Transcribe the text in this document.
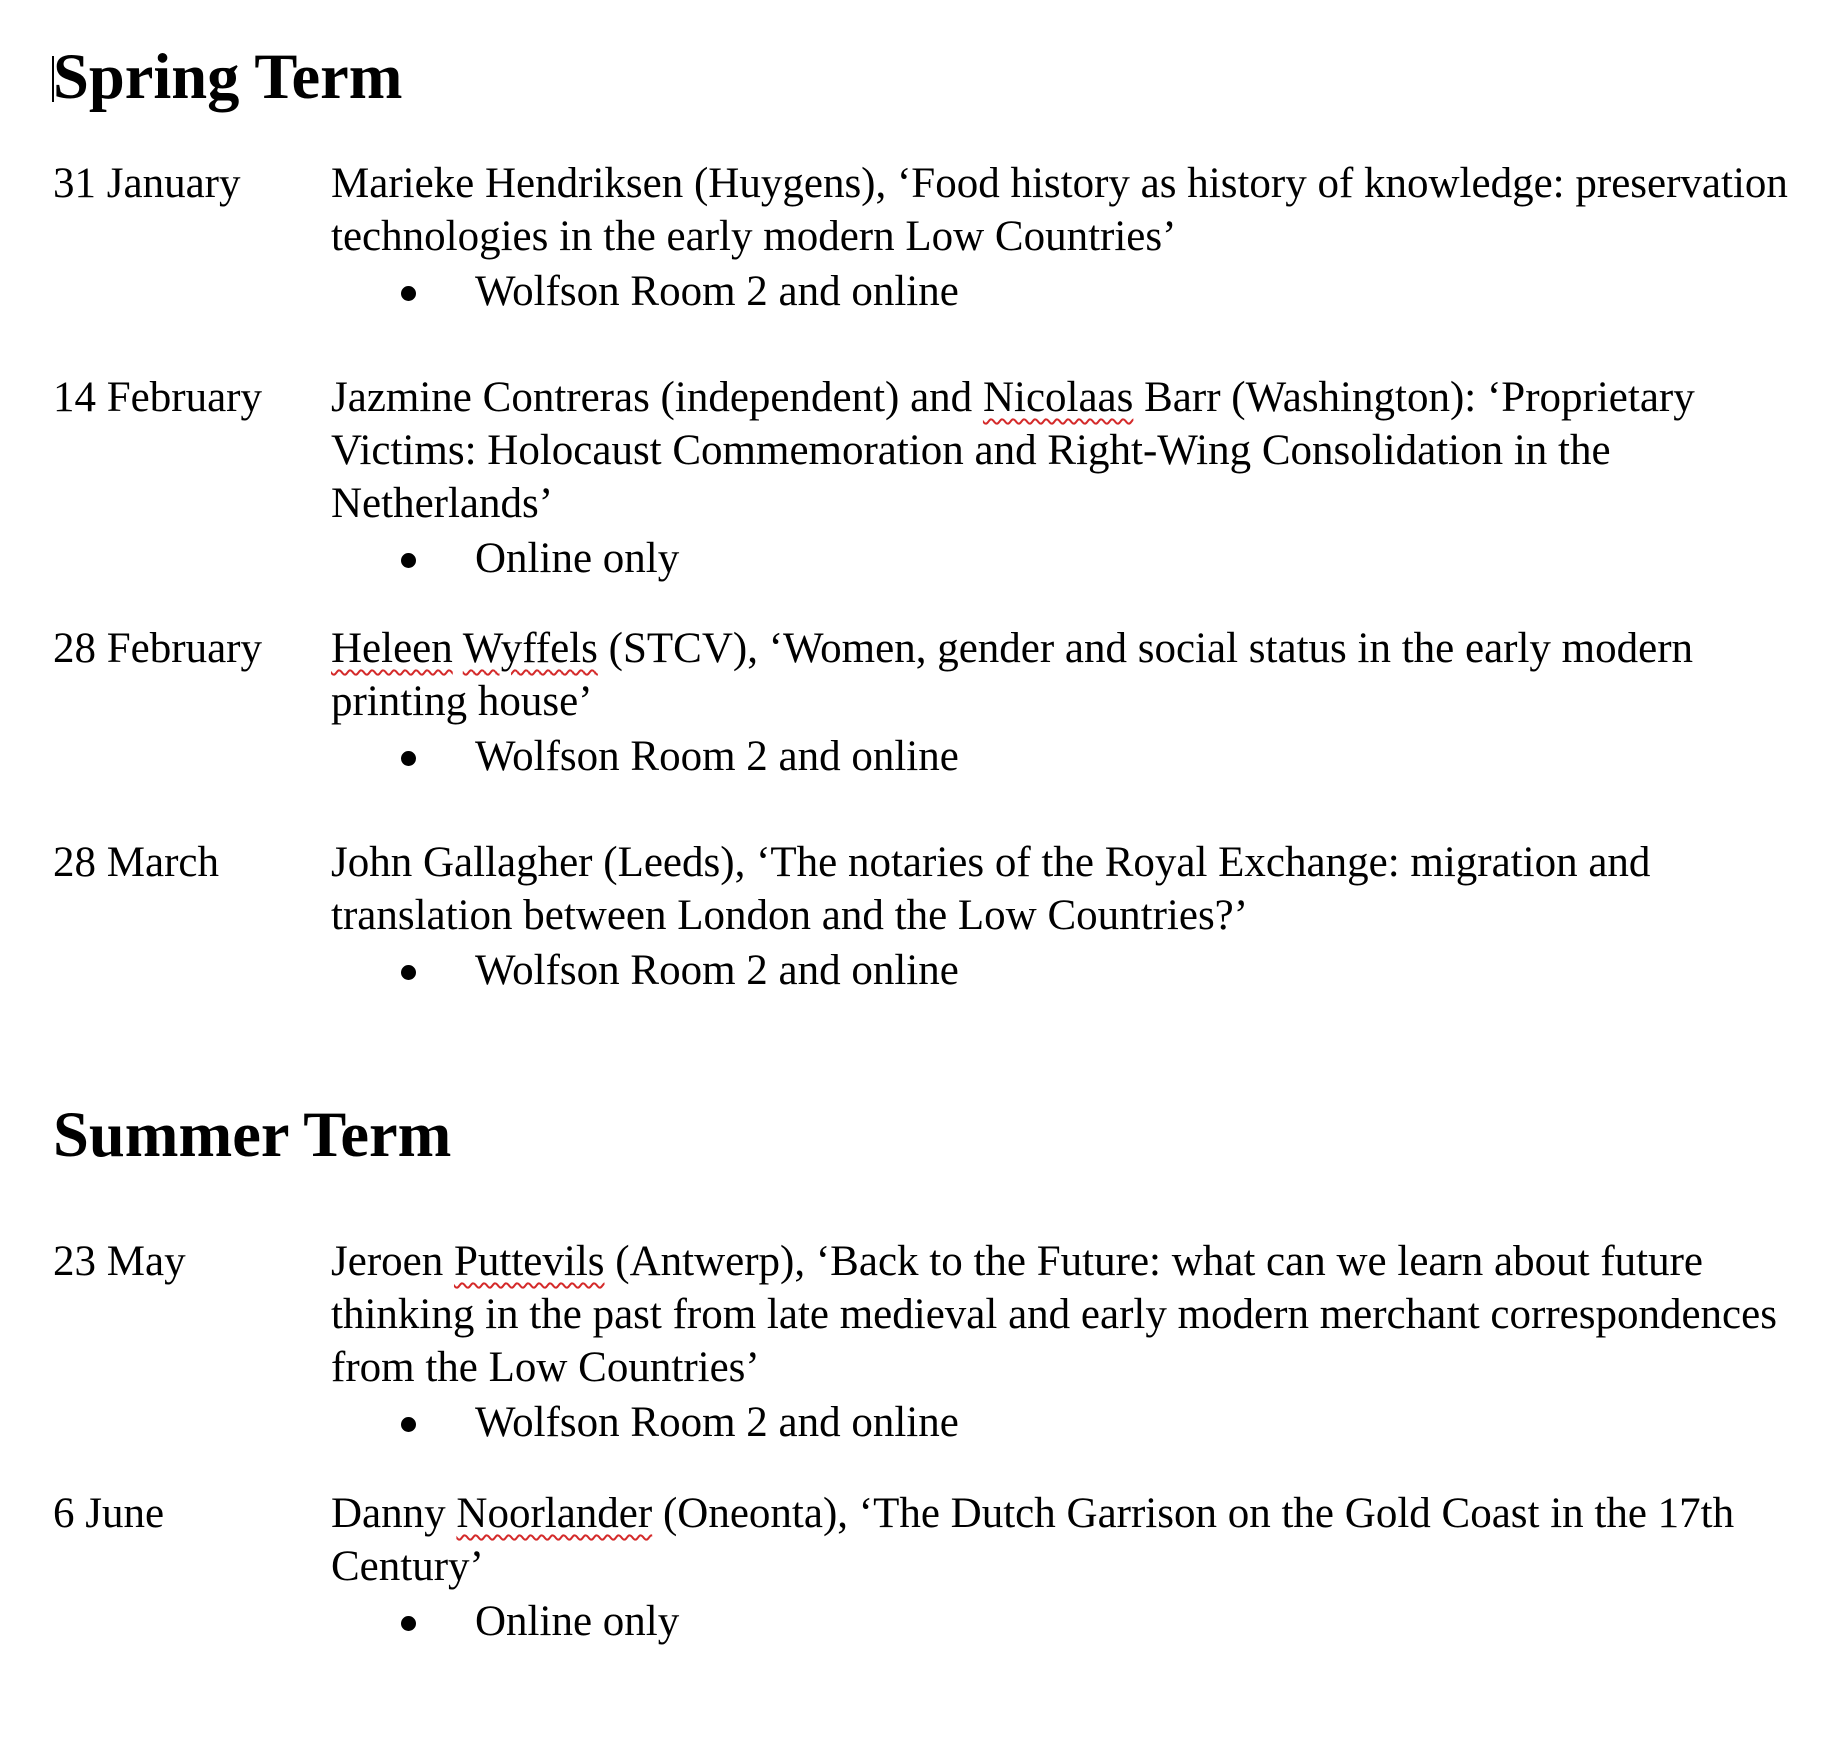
Spring Term
31 January	Marieke Hendriksen (Huygens), ‘Food history as history of knowledge: preservation technologies in the early modern Low Countries’
Wolfson Room 2 and online
14 February	Jazmine Contreras (independent) and Nicolaas Barr (Washington): ‘Proprietary Victims: Holocaust Commemoration and Right-Wing Consolidation in the Netherlands’
Online only
28 February	Heleen Wyffels (STCV), ‘Women, gender and social status in the early modern printing house’
Wolfson Room 2 and online
28 March	John Gallagher (Leeds), ‘The notaries of the Royal Exchange: migration and translation between London and the Low Countries?’
Wolfson Room 2 and online
Summer Term
23 May	Jeroen Puttevils (Antwerp), ‘Back to the Future: what can we learn about future thinking in the past from late medieval and early modern merchant correspondences from the Low Countries’
Wolfson Room 2 and online
6 June	Danny Noorlander (Oneonta), ‘The Dutch Garrison on the Gold Coast in the 17th Century’
Online only
